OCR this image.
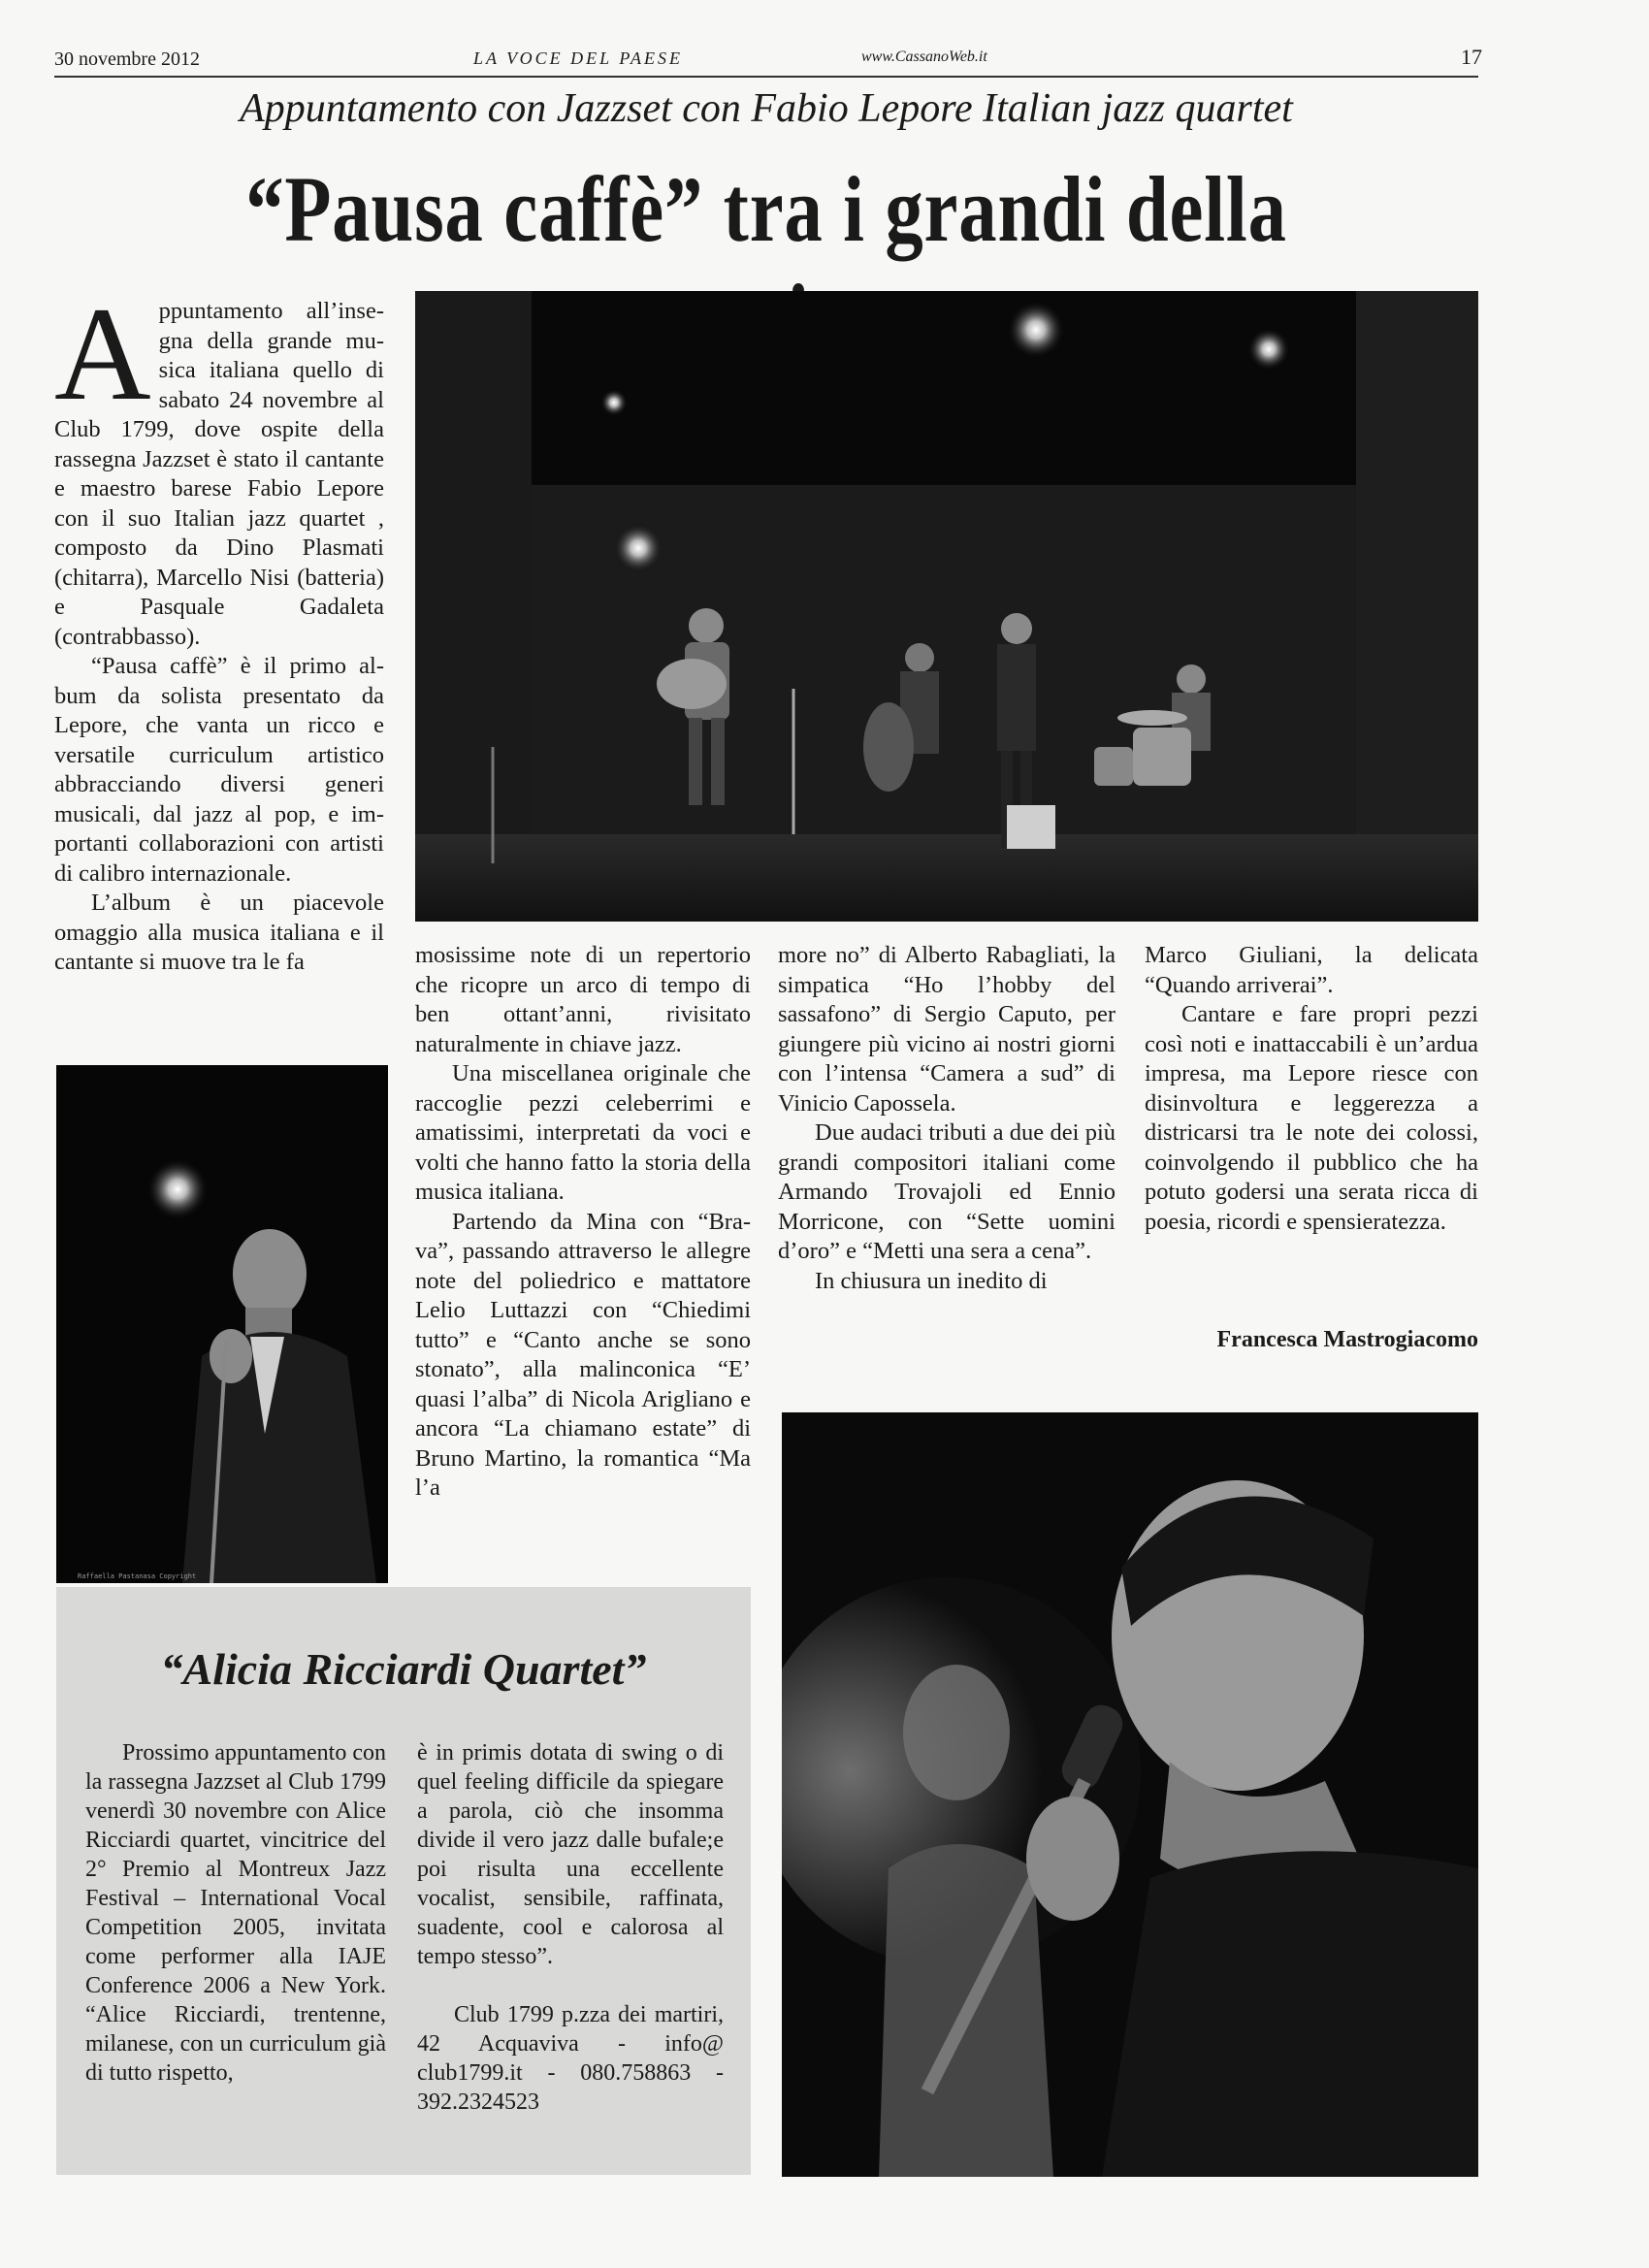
30 novembre 2012	LA VOCE DEL PAESE	www.CassanoWeb.it	17
Appuntamento con Jazzset con Fabio Lepore Italian jazz quartet
“Pausa caffè” tra i grandi della
A ppuntamento all’insegna della grande musica italiana quello di sabato 24 novembre al Club 1799, dove ospite della rassegna Jazzset è stato il cantante e maestro barese Fabio Lepore con il suo Italian jazz quartet , composto da Dino Plasmati (chitarra), Marcello Nisi (batteria) e Pasquale Gadaleta (contrabbasso).

“Pausa caffè” è il primo album da solista presentato da Lepore, che vanta un ricco e versatile curriculum artistico abbracciando diversi generi musicali, dal jazz al pop, e importanti collaborazioni con artisti di calibro internazionale.

L’album è un piacevole omaggio alla musica italiana e il cantante si muove tra le fa	mosissime note di un repertorio che ricopre un arco di tempo di ben ottant’anni, rivisitato naturalmente in chiave jazz.

Una miscellanea originale che raccoglie pezzi celeberrimi e amatissimi, interpretati da voci e volti che hanno fatto la storia della musica italiana.

Partendo da Mina con “Brava”, passando attraverso le allegre note del poliedrico e mattatore Lelio Luttazzi con “Chiedimi tutto” e “Canto anche se sono stonato”, alla malinconica “E’ quasi l’alba” di Nicola Arigliano e ancora “La chiamano estate” di Bruno Martino, la romantica “Ma l’a

more no” di Alberto Rabagliati, la simpatica “Ho l’hobby del sassafono” di Sergio Caputo, per giungere più vicino ai nostri giorni con l’intensa “Camera a sud” di Vinicio Capossela.

Due audaci tributi a due dei più grandi compositori italiani come Armando Trovajoli ed Ennio Morricone, con “Sette uomini d’oro” e “Metti una sera a cena”.

In chiusura un inedito di

Marco Giuliani, la delicata “Quando arriverai”.

Cantare e fare propri pezzi così noti e inattaccabili è un’ardua impresa, ma Lepore riesce con disinvoltura e leggerezza a districarsi tra le note dei colossi, coinvolgendo il pubblico che ha potuto godersi una serata ricca di poesia, ricordi e spensieratezza.

Francesca Mastrogiacomo
Raffaella Pastanasa Copyright
“Alicia Ricciardi Quartet”

Prossimo appuntamento con la rassegna Jazzset al Club 1799 venerdì 30 novembre con Alice Ricciardi quartet, vincitrice del 2° Premio al Montreux Jazz Festival – International Vocal Competition 2005, invitata come performer alla IAJE Conference 2006 a New York. “Alice Ricciardi, trentenne, milanese, con un curriculum già di tutto rispetto,

è in primis dotata di swing o di quel feeling difficile da spiegare a parola, ciò che insomma divide il vero jazz dalle bufale;e poi risulta una eccellente vocalist, sensibile, raffinata, suadente, cool e calorosa al tempo stesso”.

Club 1799 p.zza dei martiri, 42 Acquaviva - info@ club1799.it - 080.758863 - 392.2324523
